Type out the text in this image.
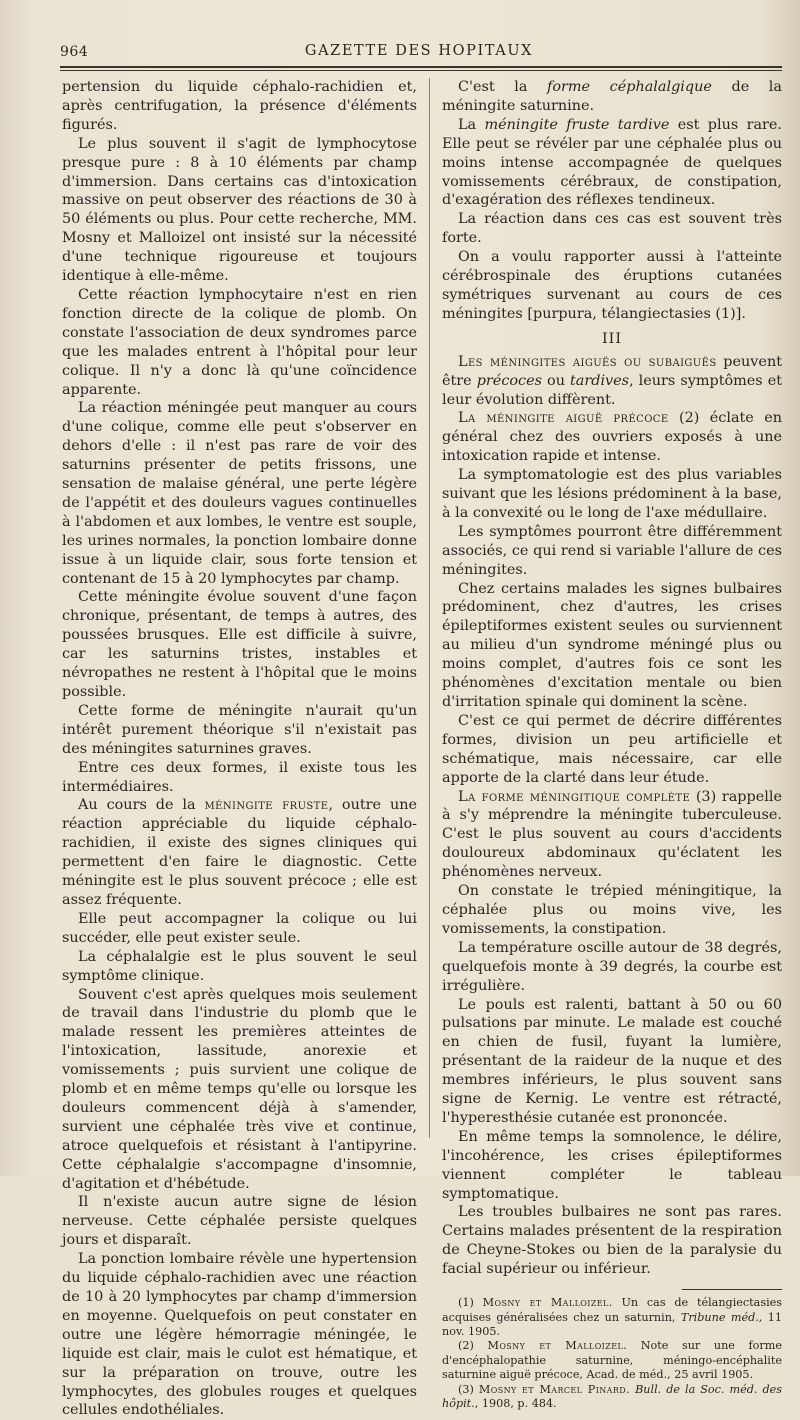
964	GAZETTE DES HOPITAUX

pertension du liquide céphalo-rachidien et, après centrifugation, la présence d'éléments figurés.

Le plus souvent il s'agit de lymphocytose presque pure : 8 à 10 éléments par champ d'immersion. Dans certains cas d'intoxication massive on peut observer des réactions de 30 à 50 éléments ou plus. Pour cette recherche, MM. Mosny et Malloizel ont insisté sur la nécessité d'une technique rigoureuse et toujours identique à elle-même.

Cette réaction lymphocytaire n'est en rien fonction directe de la colique de plomb. On constate l'association de deux syndromes parce que les malades entrent à l'hôpital pour leur colique. Il n'y a donc là qu'une coïncidence apparente.

La réaction méningée peut manquer au cours d'une colique, comme elle peut s'observer en dehors d'elle : il n'est pas rare de voir des saturnins présenter de petits frissons, une sensation de malaise général, une perte légère de l'appétit et des douleurs vagues continuelles à l'abdomen et aux lombes, le ventre est souple, les urines normales, la ponction lombaire donne issue à un liquide clair, sous forte tension et contenant de 15 à 20 lymphocytes par champ.

Cette méningite évolue souvent d'une façon chronique, présentant, de temps à autres, des poussées brusques. Elle est difficile à suivre, car les saturnins tristes, instables et névropathes ne restent à l'hôpital que le moins possible.

Cette forme de méningite n'aurait qu'un intérêt purement théorique s'il n'existait pas des méningites saturnines graves.

Entre ces deux formes, il existe tous les intermédiaires.

Au cours de la méningite fruste, outre une réaction appréciable du liquide céphalo-rachidien, il existe des signes cliniques qui permettent d'en faire le diagnostic. Cette méningite est le plus souvent précoce ; elle est assez fréquente.

Elle peut accompagner la colique ou lui succéder, elle peut exister seule.

La céphalalgie est le plus souvent le seul symptôme clinique.

Souvent c'est après quelques mois seulement de travail dans l'industrie du plomb que le malade ressent les premières atteintes de l'intoxication, lassitude, anorexie et vomissements ; puis survient une colique de plomb et en même temps qu'elle ou lorsque les douleurs commencent déjà à s'amender, survient une céphalée très vive et continue, atroce quelquefois et résistant à l'antipyrine. Cette céphalalgie s'accompagne d'insomnie, d'agitation et d'hébétude.

Il n'existe aucun autre signe de lésion nerveuse. Cette céphalée persiste quelques jours et disparaît.

La ponction lombaire révèle une hypertension du liquide céphalo-rachidien avec une réaction de 10 à 20 lymphocytes par champ d'immersion en moyenne. Quelquefois on peut constater en outre une légère hémorragie méningée, le liquide est clair, mais le culot est hématique, et sur la préparation on trouve, outre les lymphocytes, des globules rouges et quelques cellules endothéliales.

C'est la forme céphalalgique de la méningite saturnine.

La méningite fruste tardive est plus rare. Elle peut se révéler par une céphalée plus ou moins intense accompagnée de quelques vomissements cérébraux, de constipation, d'exagération des réflexes tendineux.

La réaction dans ces cas est souvent très forte.

On a voulu rapporter aussi à l'atteinte cérébrospinale des éruptions cutanées symétriques survenant au cours de ces méningites [purpura, télangiectasies (1)].

III

Les méningites aiguës ou subaiguës peuvent être précoces ou tardives, leurs symptômes et leur évolution diffèrent.

La méningite aiguë précoce (2) éclate en général chez des ouvriers exposés à une intoxication rapide et intense.

La symptomatologie est des plus variables suivant que les lésions prédominent à la base, à la convexité ou le long de l'axe médullaire.

Les symptômes pourront être différemment associés, ce qui rend si variable l'allure de ces méningites.

Chez certains malades les signes bulbaires prédominent, chez d'autres, les crises épileptiformes existent seules ou surviennent au milieu d'un syndrome méningé plus ou moins complet, d'autres fois ce sont les phénomènes d'excitation mentale ou bien d'irritation spinale qui dominent la scène.

C'est ce qui permet de décrire différentes formes, division un peu artificielle et schématique, mais nécessaire, car elle apporte de la clarté dans leur étude.

La forme méningitique complète (3) rappelle à s'y méprendre la méningite tuberculeuse. C'est le plus souvent au cours d'accidents douloureux abdominaux qu'éclatent les phénomènes nerveux.

On constate le trépied méningitique, la céphalée plus ou moins vive, les vomissements, la constipation.

La température oscille autour de 38 degrés, quelquefois monte à 39 degrés, la courbe est irrégulière.

Le pouls est ralenti, battant à 50 ou 60 pulsations par minute. Le malade est couché en chien de fusil, fuyant la lumière, présentant de la raideur de la nuque et des membres inférieurs, le plus souvent sans signe de Kernig. Le ventre est rétracté, l'hyperesthésie cutanée est prononcée.

En même temps la somnolence, le délire, l'incohérence, les crises épileptiformes viennent compléter le tableau symptomatique.

Les troubles bulbaires ne sont pas rares. Certains malades présentent de la respiration de Cheyne-Stokes ou bien de la paralysie du facial supérieur ou inférieur.

(1) Mosny et Malloizel. Un cas de télangiectasies acquises généralisées chez un saturnin, Tribune méd., 11 nov. 1905.

(2) Mosny et Malloizel. Note sur une forme d'encéphalopathie saturnine, méningo-encéphalite saturnine aiguë précoce, Acad. de méd., 25 avril 1905.

(3) Mosny et Marcel Pinard. Bull. de la Soc. méd. des hôpit., 1908, p. 484.
